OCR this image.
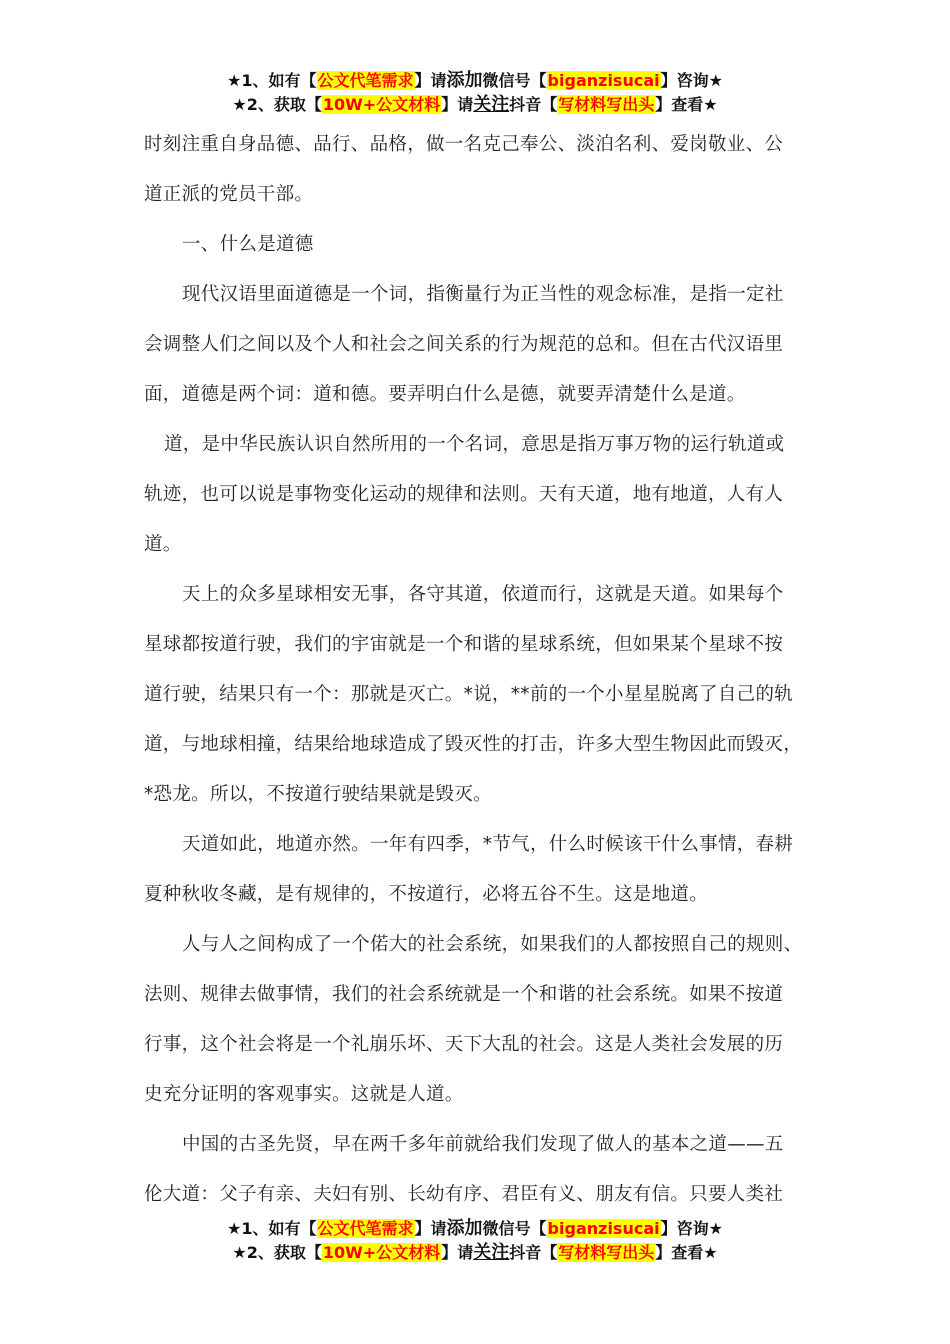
★1、如有【公文代笔需求】请添加微信号【biganzisucai】咨询★
★2、获取【10W+公文材料】请关注抖音【写材料写出头】查看★
时刻注重自身品德、品行、品格，做一名克己奉公、淡泊名利、爱岗敬业、公
道正派的党员干部。
一、什么是道德
现代汉语里面道德是一个词，指衡量行为正当性的观念标准，是指一定社
会调整人们之间以及个人和社会之间关系的行为规范的总和。但在古代汉语里
面，道德是两个词：道和德。要弄明白什么是德，就要弄清楚什么是道。
道，是中华民族认识自然所用的一个名词，意思是指万事万物的运行轨道或
轨迹，也可以说是事物变化运动的规律和法则。天有天道，地有地道，人有人
道。
天上的众多星球相安无事，各守其道，依道而行，这就是天道。如果每个
星球都按道行驶，我们的宇宙就是一个和谐的星球系统，但如果某个星球不按
道行驶，结果只有一个：那就是灭亡。*说，**前的一个小星星脱离了自己的轨
道，与地球相撞，结果给地球造成了毁灭性的打击，许多大型生物因此而毁灭，
*恐龙。所以，不按道行驶结果就是毁灭。
天道如此，地道亦然。一年有四季，*节气，什么时候该干什么事情，春耕
夏种秋收冬藏，是有规律的，不按道行，必将五谷不生。这是地道。
人与人之间构成了一个偌大的社会系统，如果我们的人都按照自己的规则、
法则、规律去做事情，我们的社会系统就是一个和谐的社会系统。如果不按道
行事，这个社会将是一个礼崩乐坏、天下大乱的社会。这是人类社会发展的历
史充分证明的客观事实。这就是人道。
中国的古圣先贤，早在两千多年前就给我们发现了做人的基本之道——五
伦大道：父子有亲、夫妇有别、长幼有序、君臣有义、朋友有信。只要人类社
★1、如有【公文代笔需求】请添加微信号【biganzisucai】咨询★
★2、获取【10W+公文材料】请关注抖音【写材料写出头】查看★
